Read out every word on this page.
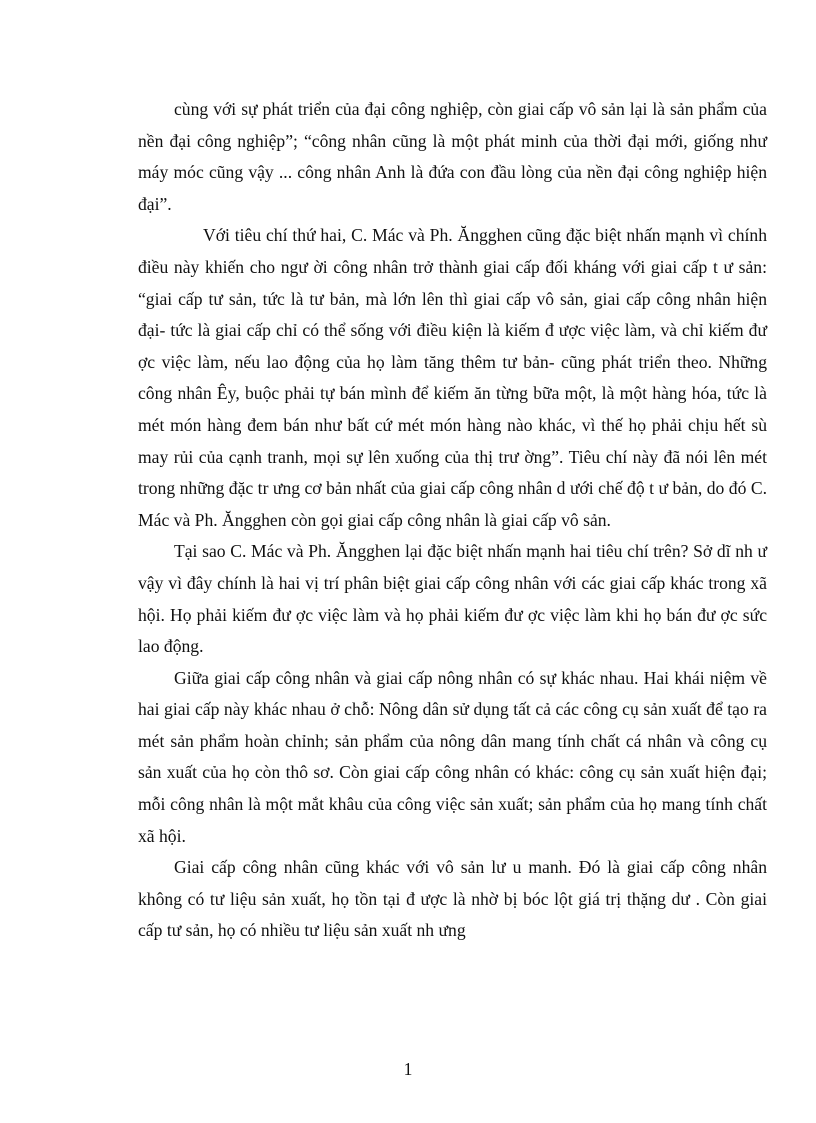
cùng với sự phát triển của đại công nghiệp, còn giai cấp vô sản lại là sản phẩm của nền đại công nghiệp”; “công nhân cũng là một phát minh của thời đại mới, giống như máy móc cũng vậy ... công nhân Anh là đứa con đầu lòng của nền đại công nghiệp hiện đại”.

Với tiêu chí thứ hai, C. Mác và Ph. Ăngghen cũng đặc biệt nhấn mạnh vì chính điều này khiến cho ngư ời công nhân trở thành giai cấp đối kháng với giai cấp t ư sản: “giai cấp tư sản, tức là tư bản, mà lớn lên thì giai cấp vô sản, giai cấp công nhân hiện đại- tức là giai cấp chỉ có thể sống với điều kiện là kiếm đ ược việc làm, và chỉ kiếm đư ợc việc làm, nếu lao động của họ làm tăng thêm tư bản- cũng phát triển theo. Những công nhân Êy, buộc phải tự bán mình để kiếm ăn từng bữa một, là một hàng hóa, tức là mét món hàng đem bán như bất cứ mét món hàng nào khác, vì thế họ phải chịu hết sù may rủi của cạnh tranh, mọi sự lên xuống của thị trư ờng”. Tiêu chí này đã nói lên mét trong những đặc tr ưng cơ bản nhất của giai cấp công nhân d ưới chế độ t ư bản, do đó C. Mác và Ph. Ăngghen còn gọi giai cấp công nhân là giai cấp vô sản.

Tại sao C. Mác và Ph. Ăngghen lại đặc biệt nhấn mạnh hai tiêu chí trên? Sở dĩ nh ư vậy vì đây chính là hai vị trí phân biệt giai cấp công nhân với các giai cấp khác trong xã hội. Họ phải kiếm đư ợc việc làm và họ phải kiếm đư ợc việc làm khi họ bán đư ợc sức lao động.

Giữa giai cấp công nhân và giai cấp nông nhân có sự khác nhau. Hai khái niệm về hai giai cấp này khác nhau ở chỗ: Nông dân sử dụng tất cả các công cụ sản xuất để tạo ra mét sản phẩm hoàn chỉnh; sản phẩm của nông dân mang tính chất cá nhân và công cụ sản xuất của họ còn thô sơ. Còn giai cấp công nhân có khác: công cụ sản xuất hiện đại; mỗi công nhân là một mắt khâu của công việc sản xuất; sản phẩm của họ mang tính chất xã hội.

Giai cấp công nhân cũng khác với vô sản lư u manh. Đó là giai cấp công nhân không có tư liệu sản xuất, họ tồn tại đ ược là nhờ bị bóc lột giá trị thặng dư . Còn giai cấp tư sản, họ có nhiều tư liệu sản xuất nh ưng

1
